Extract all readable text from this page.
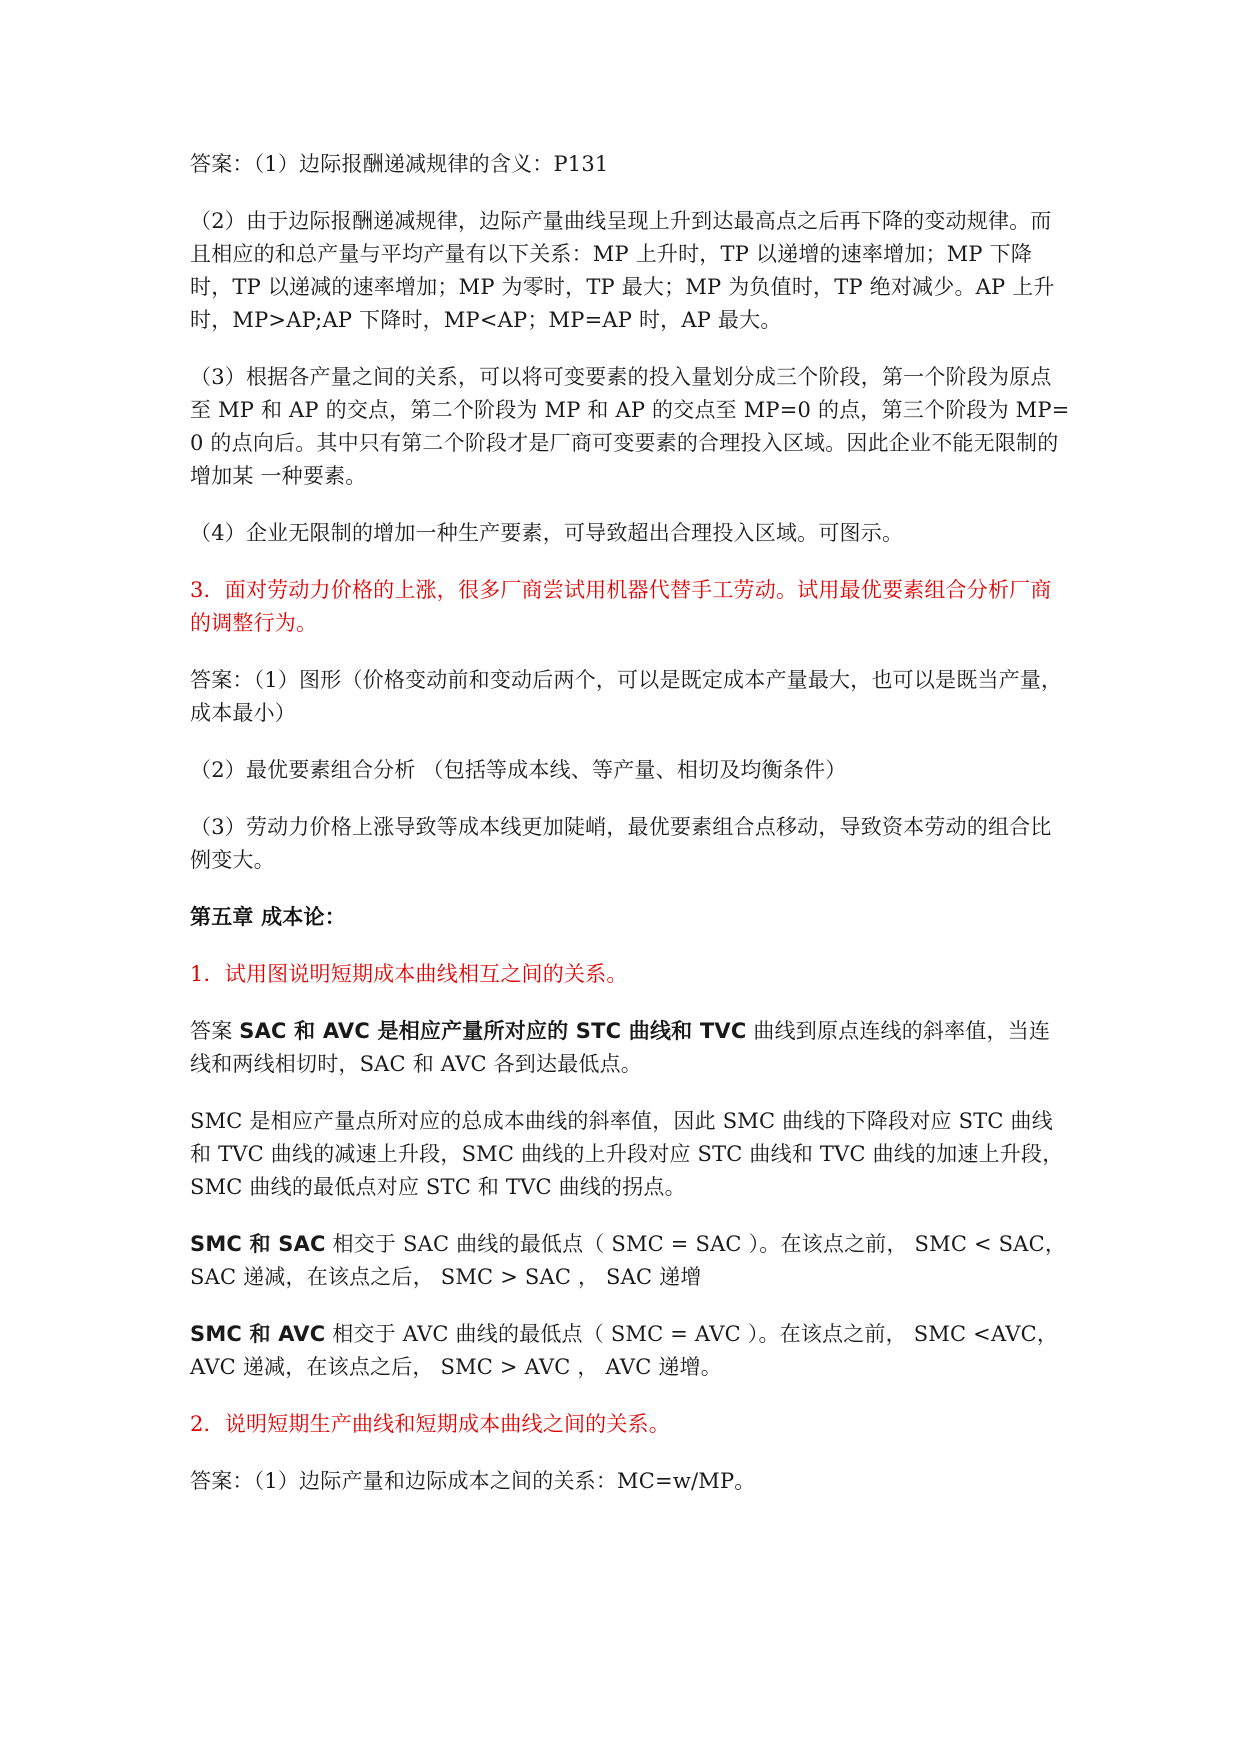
答案：（1）边际报酬递减规律的含义：P131

（2）由于边际报酬递减规律，边际产量曲线呈现上升到达最高点之后再下降的变动规律。而且相应的和总产量与平均产量有以下关系：MP 上升时，TP 以递增的速率增加；MP 下降时，TP 以递减的速率增加；MP 为零时，TP 最大；MP 为负值时，TP 绝对减少。AP 上升时，MP>AP;AP 下降时，MP<AP；MP=AP 时，AP 最大。

（3）根据各产量之间的关系，可以将可变要素的投入量划分成三个阶段，第一个阶段为原点至 MP 和 AP 的交点，第二个阶段为 MP 和 AP 的交点至 MP=0 的点，第三个阶段为 MP=0 的点向后。其中只有第二个阶段才是厂商可变要素的合理投入区域。因此企业不能无限制的增加某 一种要素。

（4）企业无限制的增加一种生产要素，可导致超出合理投入区域。可图示。

3．面对劳动力价格的上涨，很多厂商尝试用机器代替手工劳动。试用最优要素组合分析厂商的调整行为。

答案：（1）图形（价格变动前和变动后两个，可以是既定成本产量最大，也可以是既当产量，成本最小）

（2）最优要素组合分析 （包括等成本线、等产量、相切及均衡条件）

（3）劳动力价格上涨导致等成本线更加陡峭，最优要素组合点移动，导致资本劳动的组合比例变大。

第五章 成本论：

1．试用图说明短期成本曲线相互之间的关系。

答案 SAC 和 AVC 是相应产量所对应的 STC 曲线和 TVC 曲线到原点连线的斜率值，当连线和两线相切时，SAC 和 AVC 各到达最低点。

SMC 是相应产量点所对应的总成本曲线的斜率值，因此 SMC 曲线的下降段对应 STC 曲线和 TVC 曲线的减速上升段，SMC 曲线的上升段对应 STC 曲线和 TVC 曲线的加速上升段，SMC 曲线的最低点对应 STC 和 TVC 曲线的拐点。

SMC 和 SAC 相交于 SAC 曲线的最低点（ SMC = SAC ）。在该点之前， SMC < SAC， SAC 递减，在该点之后， SMC > SAC ， SAC 递增

SMC 和 AVC 相交于 AVC 曲线的最低点（ SMC = AVC ）。在该点之前， SMC <AVC， AVC 递减，在该点之后， SMC > AVC ， AVC 递增。

2．说明短期生产曲线和短期成本曲线之间的关系。

答案：（1）边际产量和边际成本之间的关系：MC=w/MP。
